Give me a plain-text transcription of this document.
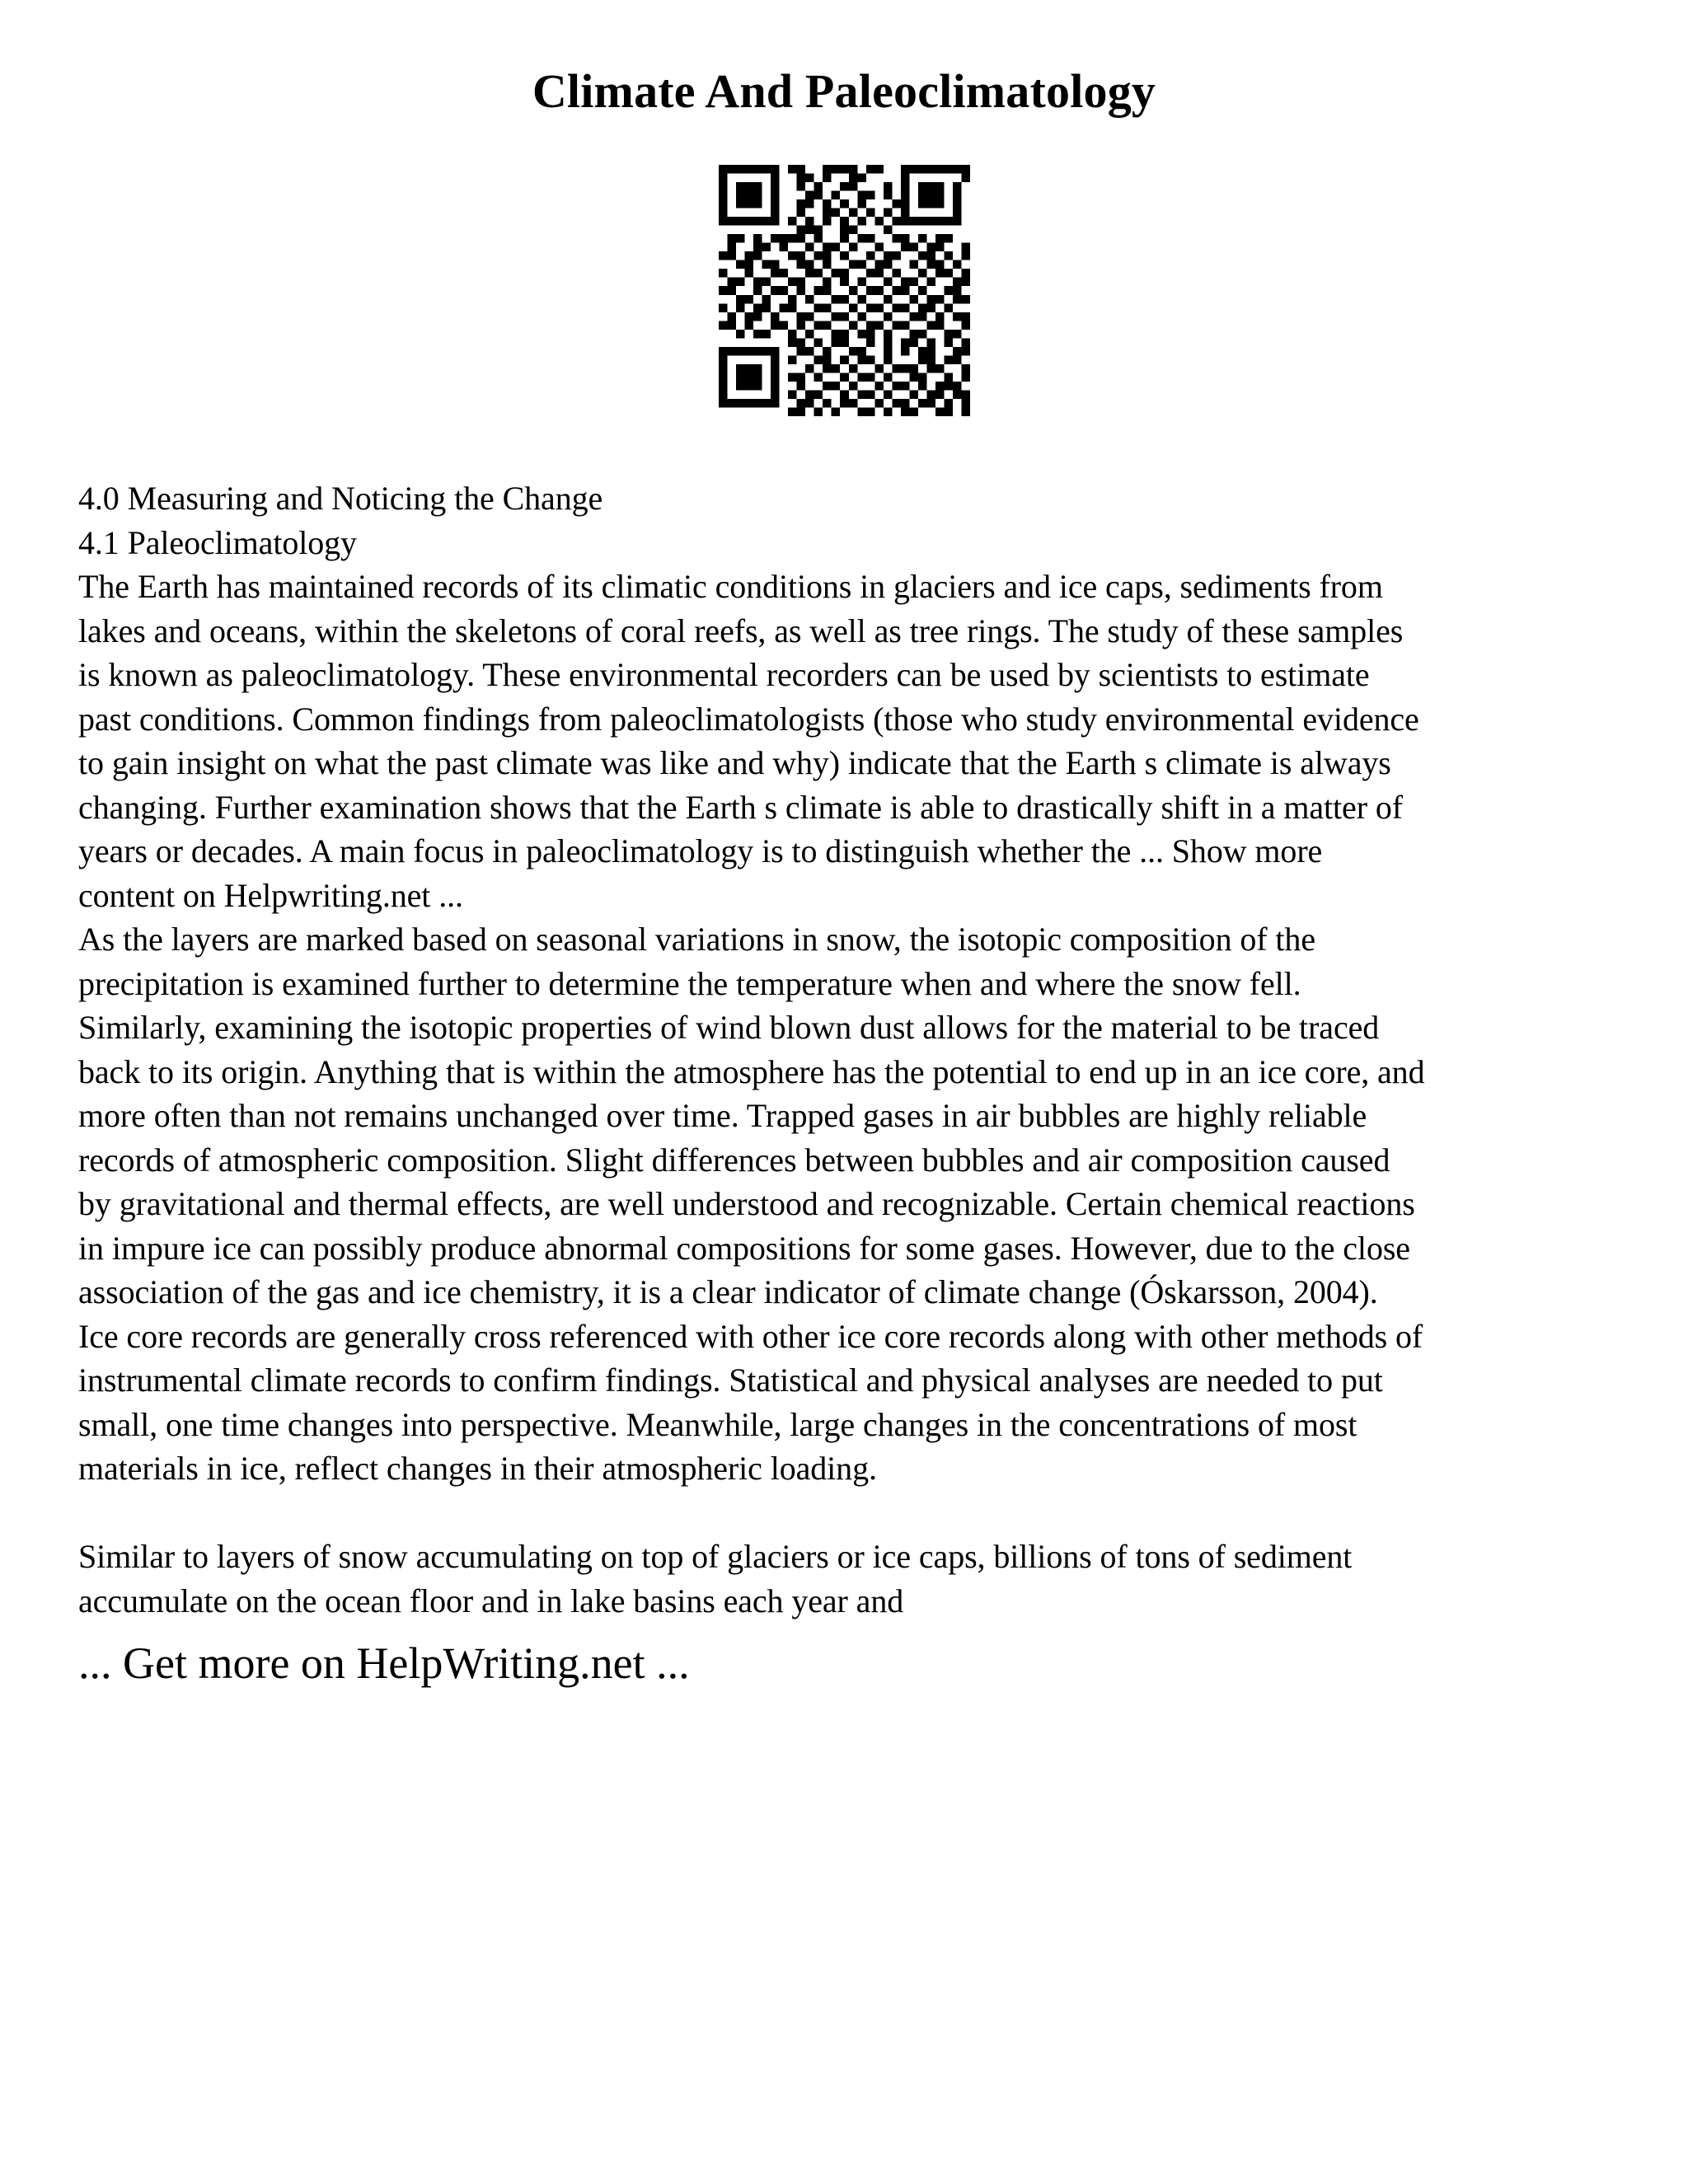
Climate And Paleoclimatology
4.0 Measuring and Noticing the Change
4.1 Paleoclimatology
The Earth has maintained records of its climatic conditions in glaciers and ice caps, sediments from
lakes and oceans, within the skeletons of coral reefs, as well as tree rings. The study of these samples
is known as paleoclimatology. These environmental recorders can be used by scientists to estimate
past conditions. Common findings from paleoclimatologists (those who study environmental evidence
to gain insight on what the past climate was like and why) indicate that the Earth s climate is always
changing. Further examination shows that the Earth s climate is able to drastically shift in a matter of
years or decades. A main focus in paleoclimatology is to distinguish whether the ... Show more
content on Helpwriting.net ...
As the layers are marked based on seasonal variations in snow, the isotopic composition of the
precipitation is examined further to determine the temperature when and where the snow fell.
Similarly, examining the isotopic properties of wind blown dust allows for the material to be traced
back to its origin. Anything that is within the atmosphere has the potential to end up in an ice core, and
more often than not remains unchanged over time. Trapped gases in air bubbles are highly reliable
records of atmospheric composition. Slight differences between bubbles and air composition caused
by gravitational and thermal effects, are well understood and recognizable. Certain chemical reactions
in impure ice can possibly produce abnormal compositions for some gases. However, due to the close
association of the gas and ice chemistry, it is a clear indicator of climate change (Óskarsson, 2004).
Ice core records are generally cross referenced with other ice core records along with other methods of
instrumental climate records to confirm findings. Statistical and physical analyses are needed to put
small, one time changes into perspective. Meanwhile, large changes in the concentrations of most
materials in ice, reflect changes in their atmospheric loading.
Similar to layers of snow accumulating on top of glaciers or ice caps, billions of tons of sediment
accumulate on the ocean floor and in lake basins each year and
... Get more on HelpWriting.net ...
